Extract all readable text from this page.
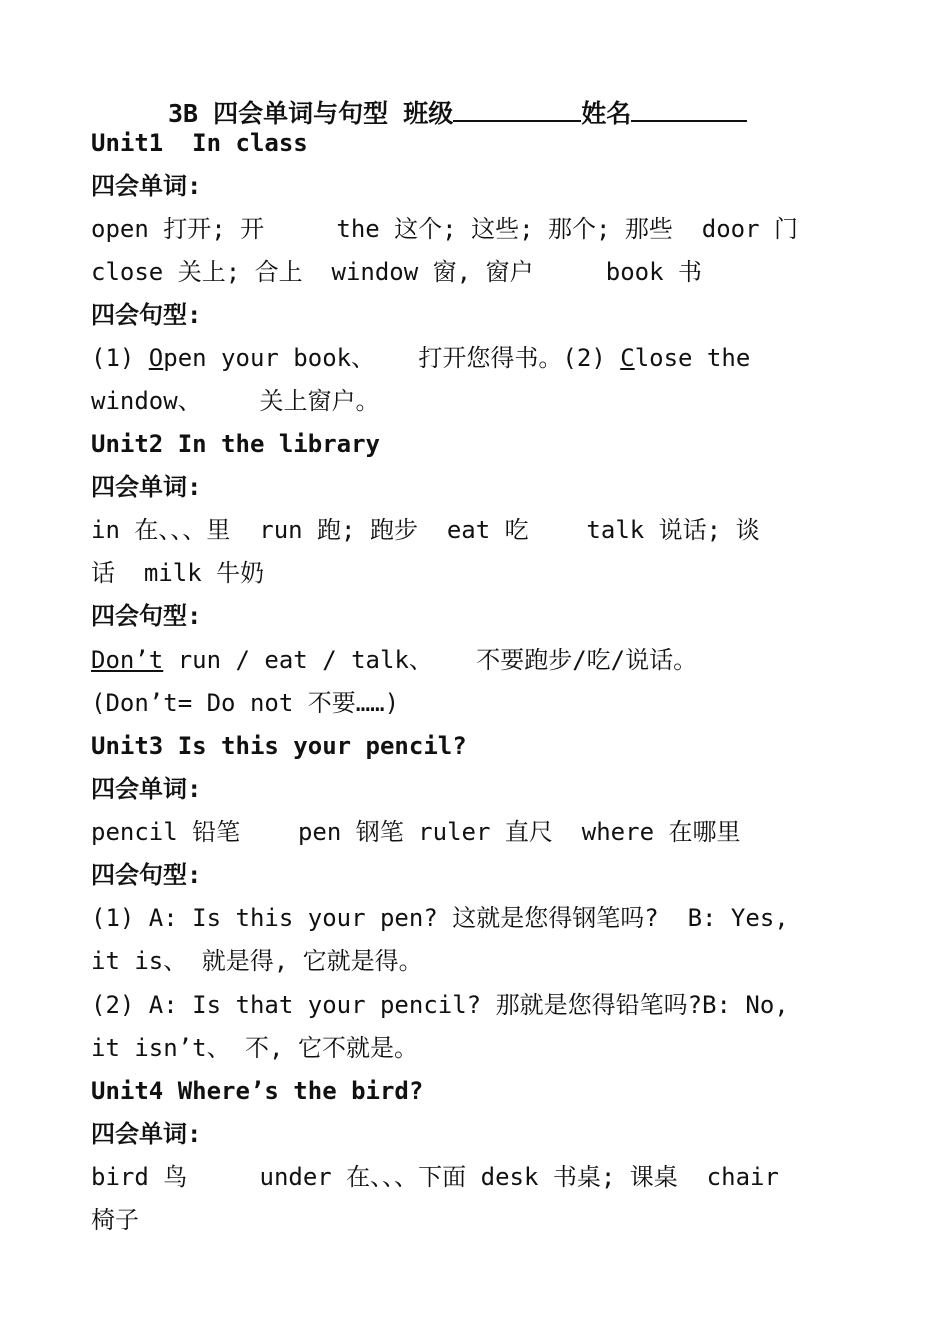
3B 四会单词与句型 班级	姓名
Unit1  In class
四会单词:
open 打开; 开     the 这个; 这些; 那个; 那些  door 门
close 关上; 合上  window 窗, 窗户     book 书
四会句型:
(1) Open your book、   打开您得书。(2) Close the
window、    关上窗户。
Unit2 In the library
四会单词:
in 在、、、里  run 跑; 跑步  eat 吃    talk 说话; 谈
话  milk 牛奶
四会句型:
Don’t run / eat / talk、   不要跑步/吃/说话。
(Don’t= Do not 不要……)
Unit3 Is this your pencil?
四会单词:
pencil 铅笔    pen 钢笔 ruler 直尺  where 在哪里
四会句型:
(1) A: Is this your pen? 这就是您得钢笔吗?  B: Yes,
it is、 就是得, 它就是得。
(2) A: Is that your pencil? 那就是您得铅笔吗?B: No,
it isn’t、 不, 它不就是。
Unit4 Where’s the bird?
四会单词:
bird 鸟     under 在、、、下面 desk 书桌; 课桌  chair
椅子
